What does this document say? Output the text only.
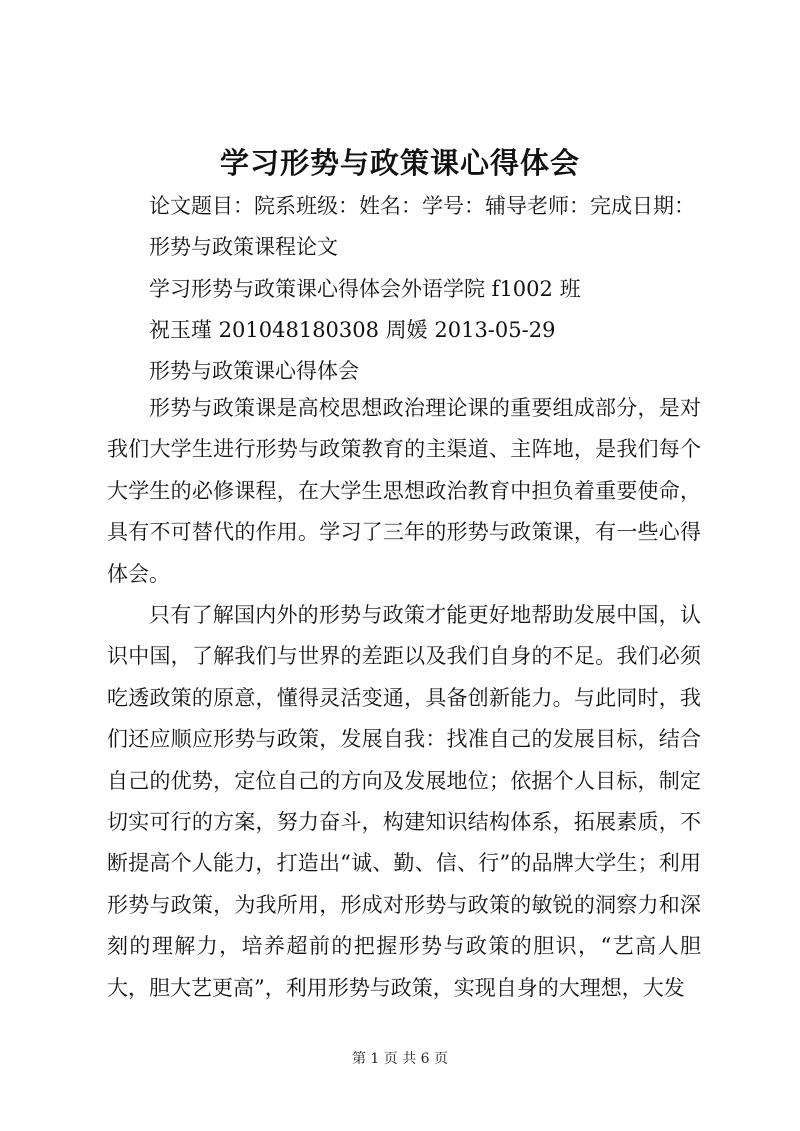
学习形势与政策课心得体会

论文题目：院系班级：姓名：学号：辅导老师：完成日期：

形势与政策课程论文

学习形势与政策课心得体会外语学院 f1002 班

祝玉瑾 201048180308 周媛 2013-05-29

形势与政策课心得体会

形势与政策课是高校思想政治理论课的重要组成部分，是对我们大学生进行形势与政策教育的主渠道、主阵地，是我们每个大学生的必修课程，在大学生思想政治教育中担负着重要使命，具有不可替代的作用。学习了三年的形势与政策课，有一些心得体会。

只有了解国内外的形势与政策才能更好地帮助发展中国，认识中国，了解我们与世界的差距以及我们自身的不足。我们必须吃透政策的原意，懂得灵活变通，具备创新能力。与此同时，我们还应顺应形势与政策，发展自我：找准自己的发展目标，结合自己的优势，定位自己的方向及发展地位；依据个人目标，制定切实可行的方案，努力奋斗，构建知识结构体系，拓展素质，不断提高个人能力，打造出“诚、勤、信、行”的品牌大学生；利用形势与政策，为我所用，形成对形势与政策的敏锐的洞察力和深刻的理解力，培养超前的把握形势与政策的胆识，“艺高人胆大，胆大艺更高”，利用形势与政策，实现自身的大理想，大发

第 1 页 共 6 页
